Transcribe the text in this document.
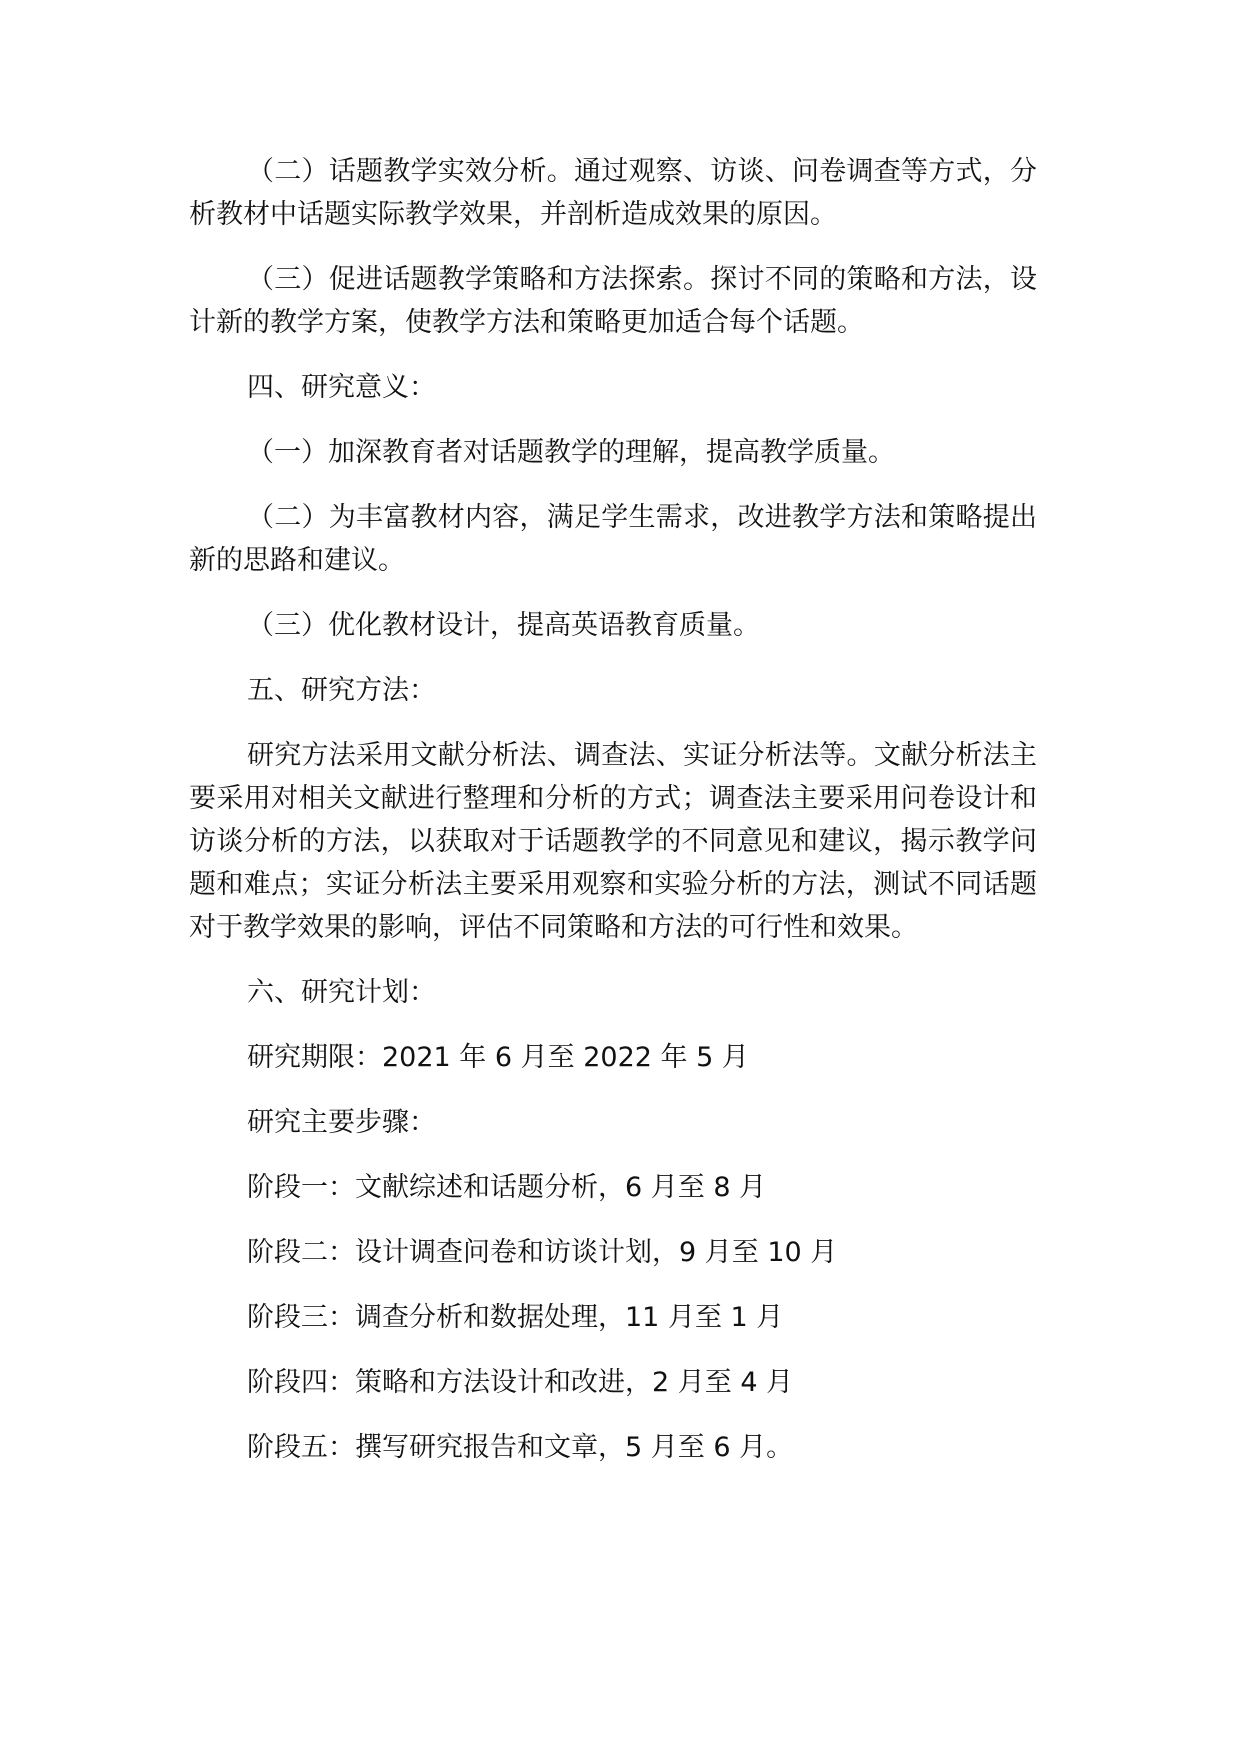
（二）话题教学实效分析。通过观察、访谈、问卷调查等方式，分析教材中话题实际教学效果，并剖析造成效果的原因。

（三）促进话题教学策略和方法探索。探讨不同的策略和方法，设计新的教学方案，使教学方法和策略更加适合每个话题。

四、研究意义：

（一）加深教育者对话题教学的理解，提高教学质量。

（二）为丰富教材内容，满足学生需求，改进教学方法和策略提出新的思路和建议。

（三）优化教材设计，提高英语教育质量。

五、研究方法：

研究方法采用文献分析法、调查法、实证分析法等。文献分析法主要采用对相关文献进行整理和分析的方式；调查法主要采用问卷设计和访谈分析的方法，以获取对于话题教学的不同意见和建议，揭示教学问题和难点；实证分析法主要采用观察和实验分析的方法，测试不同话题对于教学效果的影响，评估不同策略和方法的可行性和效果。

六、研究计划：

研究期限：2021 年 6 月至 2022 年 5 月

研究主要步骤：

阶段一：文献综述和话题分析，6 月至 8 月

阶段二：设计调查问卷和访谈计划，9 月至 10 月

阶段三：调查分析和数据处理，11 月至 1 月

阶段四：策略和方法设计和改进，2 月至 4 月

阶段五：撰写研究报告和文章，5 月至 6 月。
